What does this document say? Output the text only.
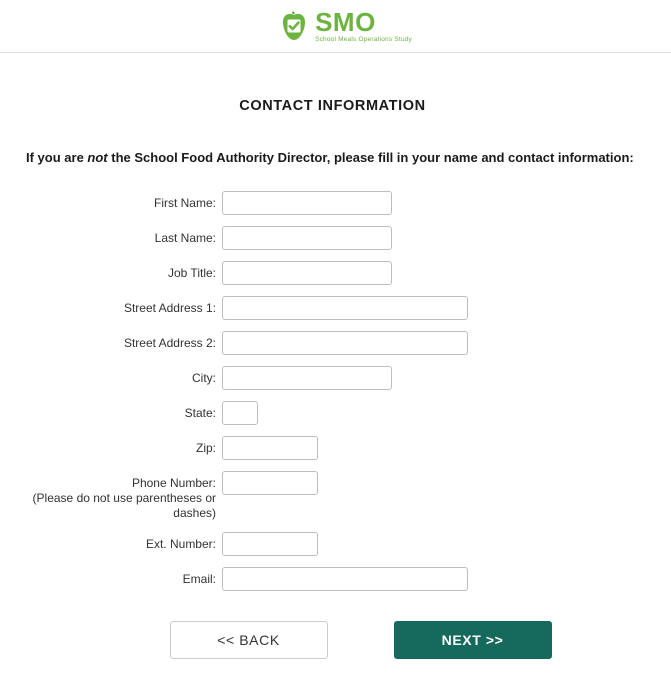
SMO
School Meals Operations Study
CONTACT INFORMATION
If you are not the School Food Authority Director, please fill in your name and contact information:
First Name:
Last Name:
Job Title:
Street Address 1:
Street Address 2:
City:
State:
Zip:
Phone Number:
(Please do not use parentheses or dashes)
Ext. Number:
Email:
<< BACK	NEXT >>
